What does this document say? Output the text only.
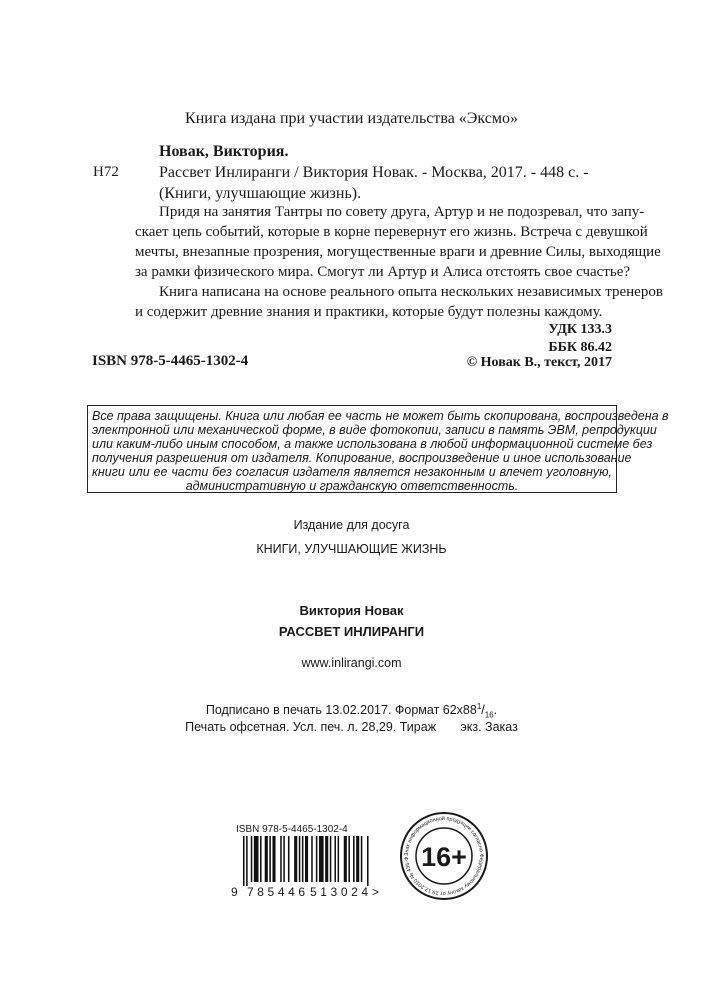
Книга издана при участии издательства «Эксмо»
Новак, Виктория.
Н72	Рассвет Инлиранги / Виктория Новак. - Москва, 2017. - 448 с. -
(Книги, улучшающие жизнь).
Придя на занятия Тантры по совету друга, Артур и не подозревал, что запу-
скает цепь событий, которые в корне перевернут его жизнь. Встреча с девушкой
мечты, внезапные прозрения, могущественные враги и древние Силы, выходящие
за рамки физического мира. Смогут ли Артур и Алиса отстоять свое счастье?
Книга написана на основе реального опыта нескольких независимых тренеров
и содержит древние знания и практики, которые будут полезны каждому.
УДК 133.3
ББК 86.42
ISBN 978-5-4465-1302-4	© Новак В., текст, 2017
Все права защищены. Книга или любая ее часть не может быть скопирована, воспроизведена в
электронной или механической форме, в виде фотокопии, записи в память ЭВМ, репродукции
или каким-либо иным способом, а также использована в любой информационной системе без
получения разрешения от издателя. Копирование, воспроизведение и иное использование
книги или ее части без согласия издателя является незаконным и влечет уголовную,
административную и гражданскую ответственность.
Издание для досуга
КНИГИ, УЛУЧШАЮЩИЕ ЖИЗНЬ
Виктория Новак
РАССВЕТ ИНЛИРАНГИ
www.inlirangi.com
Подписано в печать 13.02.2017. Формат $62х88^1/_{16}$.
Печать офсетная. Усл. печ. л. 28,29. Тираж       экз. Заказ
ISBN 978-5-4465-1302-4
9 785446 513024 >
Знак информационной продукции согласно Федеральному закону от 29.12.2010 № 436-Ф 16+
